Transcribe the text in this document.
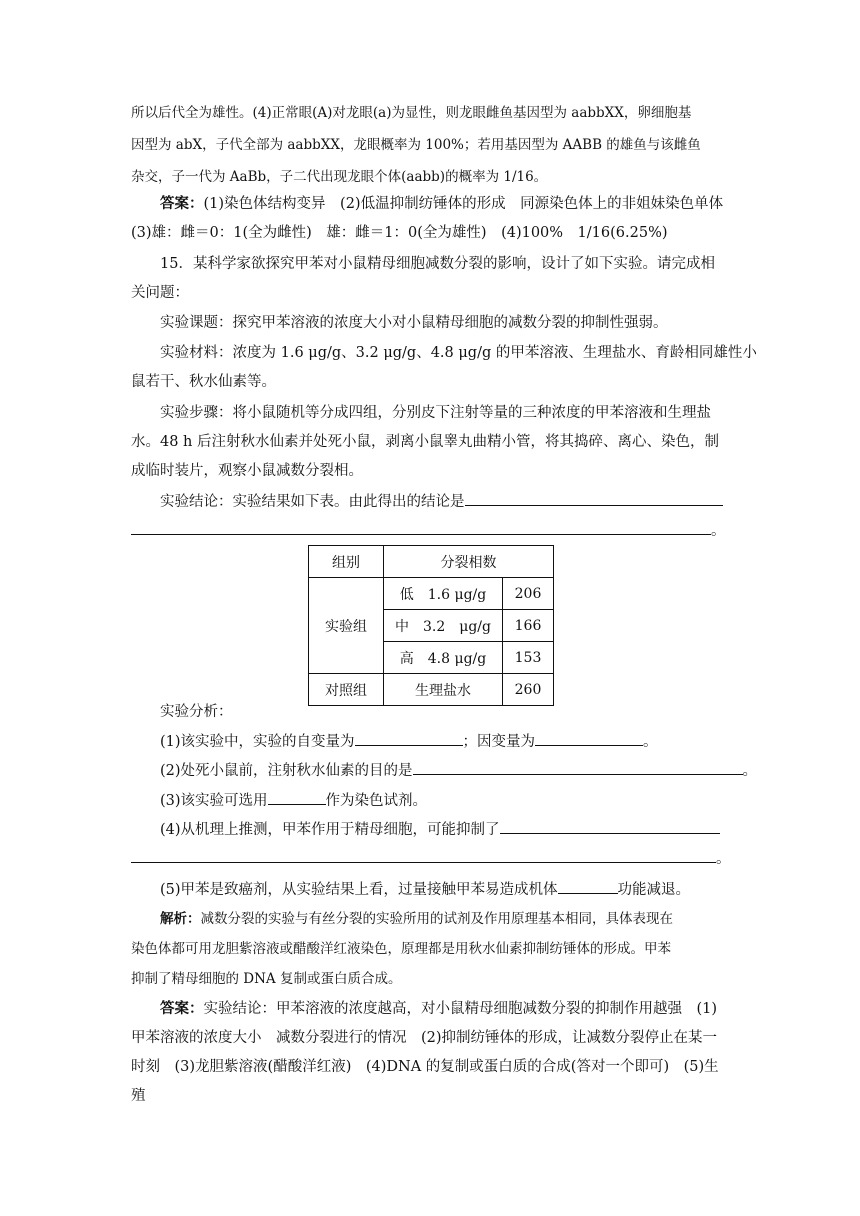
所以后代全为雄性。(4)正常眼(A)对龙眼(a)为显性，则龙眼雌鱼基因型为 aabbXX，卵细胞基
因型为 abX，子代全部为 aabbXX，龙眼概率为 100%；若用基因型为 AABB 的雄鱼与该雌鱼
杂交，子一代为 AaBb，子二代出现龙眼个体(aabb)的概率为 1/16。
答案：(1)染色体结构变异　(2)低温抑制纺锤体的形成　同源染色体上的非姐妹染色单体
(3)雄：雌＝0：1(全为雌性)　雄：雌＝1：0(全为雄性)　(4)100%　1/16(6.25%)
15．某科学家欲探究甲苯对小鼠精母细胞减数分裂的影响，设计了如下实验。请完成相
关问题：
实验课题：探究甲苯溶液的浓度大小对小鼠精母细胞的减数分裂的抑制性强弱。
实验材料：浓度为 1.6 μg/g、3.2 μg/g、4.8 μg/g 的甲苯溶液、生理盐水、育龄相同雄性小
鼠若干、秋水仙素等。
实验步骤：将小鼠随机等分成四组，分别皮下注射等量的三种浓度的甲苯溶液和生理盐
水。48 h 后注射秋水仙素并处死小鼠，剥离小鼠睾丸曲精小管，将其捣碎、离心、染色，制
成临时装片，观察小鼠减数分裂相。
实验结论：实验结果如下表。由此得出的结论是
。
组别	分裂相数	
实验组	低　1.6 μg/g	206
	中　3.2　μg/g	166
	高　4.8 μg/g	153
对照组	生理盐水	260
实验分析：
(1)该实验中，实验的自变量为	；因变量为	。
(2)处死小鼠前，注射秋水仙素的目的是	。
(3)该实验可选用	作为染色试剂。
(4)从机理上推测，甲苯作用于精母细胞，可能抑制了
。
(5)甲苯是致癌剂，从实验结果上看，过量接触甲苯易造成机体	功能减退。
解析：减数分裂的实验与有丝分裂的实验所用的试剂及作用原理基本相同，具体表现在
染色体都可用龙胆紫溶液或醋酸洋红液染色，原理都是用秋水仙素抑制纺锤体的形成。甲苯
抑制了精母细胞的 DNA 复制或蛋白质合成。
答案：实验结论：甲苯溶液的浓度越高，对小鼠精母细胞减数分裂的抑制作用越强　(1)
甲苯溶液的浓度大小　减数分裂进行的情况　(2)抑制纺锤体的形成，让减数分裂停止在某一
时刻　(3)龙胆紫溶液(醋酸洋红液)　(4)DNA 的复制或蛋白质的合成(答对一个即可)　(5)生
殖
